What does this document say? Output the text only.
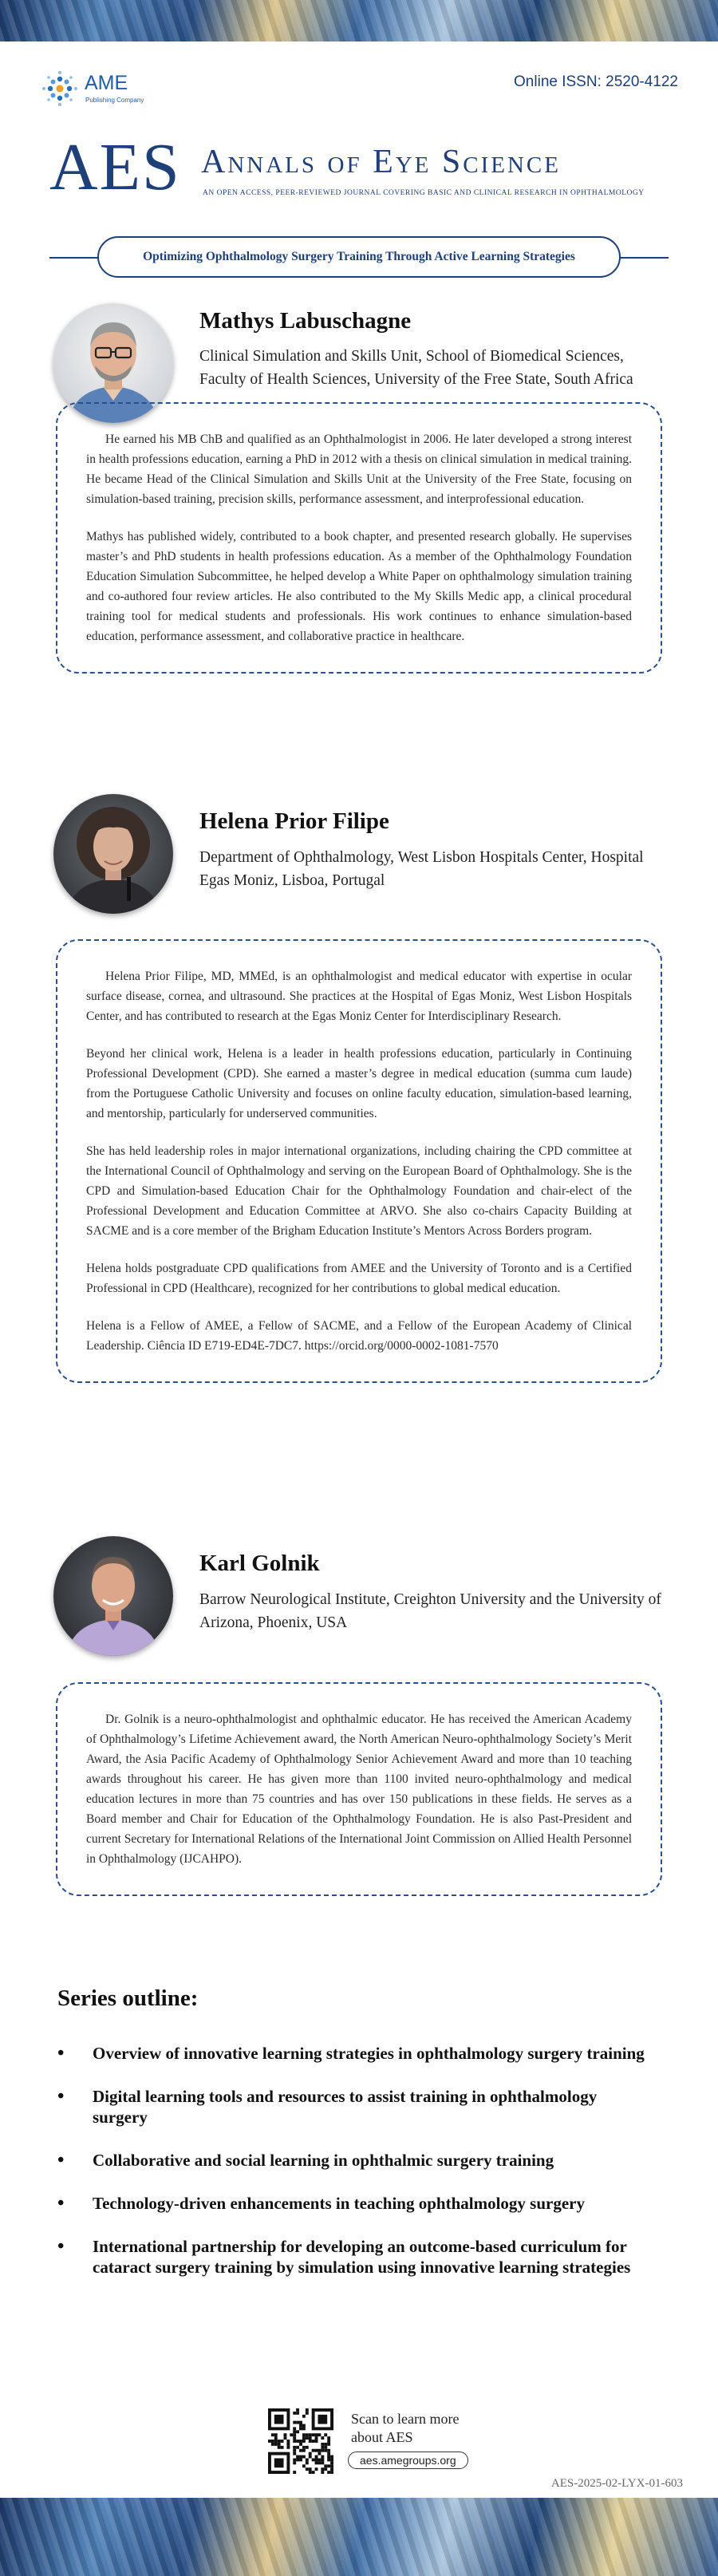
AME
Publishing Company
Online ISSN: 2520-4122
AES Annals of Eye Science
AN OPEN ACCESS, PEER-REVIEWED JOURNAL COVERING BASIC AND CLINICAL RESEARCH IN OPHTHALMOLOGY
Optimizing Ophthalmology Surgery Training Through Active Learning Strategies
Mathys Labuschagne
Clinical Simulation and Skills Unit, School of Biomedical Sciences, Faculty of Health Sciences, University of the Free State, South Africa

He earned his MB ChB and qualified as an Ophthalmologist in 2006. He later developed a strong interest in health professions education, earning a PhD in 2012 with a thesis on clinical simulation in medical training. He became Head of the Clinical Simulation and Skills Unit at the University of the Free State, focusing on simulation-based training, precision skills, performance assessment, and interprofessional education.

Mathys has published widely, contributed to a book chapter, and presented research globally. He supervises master’s and PhD students in health professions education. As a member of the Ophthalmology Foundation Education Simulation Subcommittee, he helped develop a White Paper on ophthalmology simulation training and co-authored four review articles. He also contributed to the My Skills Medic app, a clinical procedural training tool for medical students and professionals. His work continues to enhance simulation-based education, performance assessment, and collaborative practice in healthcare.

Helena Prior Filipe
Department of Ophthalmology, West Lisbon Hospitals Center, Hospital Egas Moniz, Lisboa, Portugal

Helena Prior Filipe, MD, MMEd, is an ophthalmologist and medical educator with expertise in ocular surface disease, cornea, and ultrasound. She practices at the Hospital of Egas Moniz, West Lisbon Hospitals Center, and has contributed to research at the Egas Moniz Center for Interdisciplinary Research.

Beyond her clinical work, Helena is a leader in health professions education, particularly in Continuing Professional Development (CPD). She earned a master’s degree in medical education (summa cum laude) from the Portuguese Catholic University and focuses on online faculty education, simulation-based learning, and mentorship, particularly for underserved communities.

She has held leadership roles in major international organizations, including chairing the CPD committee at the International Council of Ophthalmology and serving on the European Board of Ophthalmology. She is the CPD and Simulation-based Education Chair for the Ophthalmology Foundation and chair-elect of the Professional Development and Education Committee at ARVO. She also co-chairs Capacity Building at SACME and is a core member of the Brigham Education Institute’s Mentors Across Borders program.

Helena holds postgraduate CPD qualifications from AMEE and the University of Toronto and is a Certified Professional in CPD (Healthcare), recognized for her contributions to global medical education.

Helena is a Fellow of AMEE, a Fellow of SACME, and a Fellow of the European Academy of Clinical Leadership. Ciência ID E719-ED4E-7DC7. https://orcid.org/0000-0002-1081-7570

Karl Golnik
Barrow Neurological Institute, Creighton University and the University of Arizona, Phoenix, USA

Dr. Golnik is a neuro-ophthalmologist and ophthalmic educator. He has received the American Academy of Ophthalmology’s Lifetime Achievement award, the North American Neuro-ophthalmology Society’s Merit Award, the Asia Pacific Academy of Ophthalmology Senior Achievement Award and more than 10 teaching awards throughout his career. He has given more than 1100 invited neuro-ophthalmology and medical education lectures in more than 75 countries and has over 150 publications in these fields. He serves as a Board member and Chair for Education of the Ophthalmology Foundation. He is also Past-President and current Secretary for International Relations of the International Joint Commission on Allied Health Personnel in Ophthalmology (IJCAHPO).

Series outline:
• Overview of innovative learning strategies in ophthalmology surgery training
• Digital learning tools and resources to assist training in ophthalmology surgery
• Collaborative and social learning in ophthalmic surgery training
• Technology-driven enhancements in teaching ophthalmology surgery
• International partnership for developing an outcome-based curriculum for cataract surgery training by simulation using innovative learning strategies
Scan to learn more about AES
aes.amegroups.org
AES-2025-02-LYX-01-603
